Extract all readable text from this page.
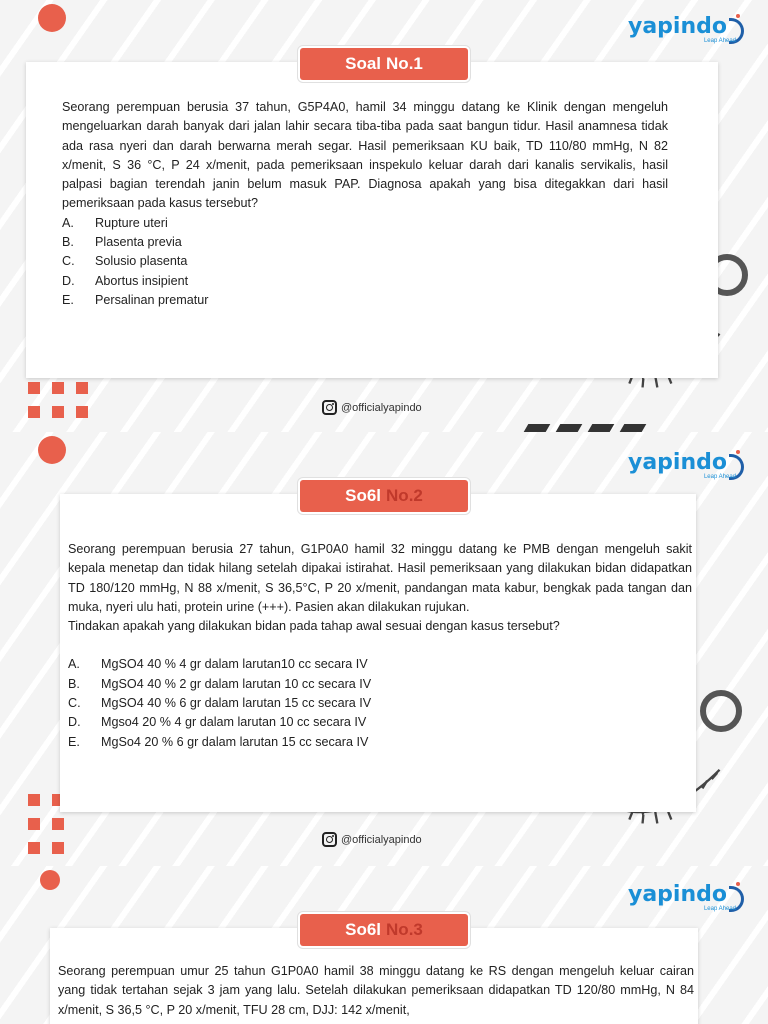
yapindo
Leap Ahead

Seorang perempuan berusia 37 tahun, G5P4A0, hamil 34 minggu datang ke Klinik dengan mengeluh mengeluarkan darah banyak dari jalan lahir secara tiba-tiba pada saat bangun tidur. Hasil anamnesa tidak ada rasa nyeri dan darah berwarna merah segar. Hasil pemeriksaan KU baik, TD 110/80 mmHg, N 82 x/menit, S 36 °C, P 24 x/menit, pada pemeriksaan inspekulo keluar darah dari kanalis servikalis, hasil palpasi bagian terendah janin belum masuk PAP. Diagnosa apakah yang bisa ditegakkan dari hasil pemeriksaan pada kasus tersebut?

A.	Rupture uteri
B.	Plasenta previa
C.	Solusio plasenta
D.	Abortus insipient
E.	Persalinan prematur
Soal No.1
@officialyapindo
yapindo
Leap Ahead

Seorang perempuan berusia 27 tahun, G1P0A0 hamil 32 minggu datang ke PMB dengan mengeluh sakit kepala menetap dan tidak hilang setelah dipakai istirahat. Hasil pemeriksaan yang dilakukan bidan didapatkan TD 180/120 mmHg, N 88 x/menit, S 36,5°C, P 20 x/menit, pandangan mata kabur, bengkak pada tangan dan muka, nyeri ulu hati, protein urine (+++). Pasien akan dilakukan rujukan.

Tindakan apakah yang dilakukan bidan pada tahap awal sesuai dengan kasus tersebut?

A.	MgSO4 40 % 4 gr dalam larutan10 cc secara IV
B.	MgSO4 40 % 2 gr dalam larutan 10 cc secara IV
C.	MgSO4 40 % 6 gr dalam larutan 15 cc secara IV
D.	Mgso4 20 % 4 gr dalam larutan 10 cc secara IV
E.	MgSo4 20 % 6 gr dalam larutan 15 cc secara IV
So6l No.2
@officialyapindo
yapindo
Leap Ahead

Seorang perempuan umur 25 tahun G1P0A0 hamil 38 minggu datang ke RS dengan mengeluh keluar cairan yang tidak tertahan sejak 3 jam yang lalu. Setelah dilakukan pemeriksaan didapatkan TD 120/80 mmHg, N 84 x/menit, S 36,5 °C, P 20 x/menit, TFU 28 cm, DJJ: 142 x/menit,

So6l No.3
